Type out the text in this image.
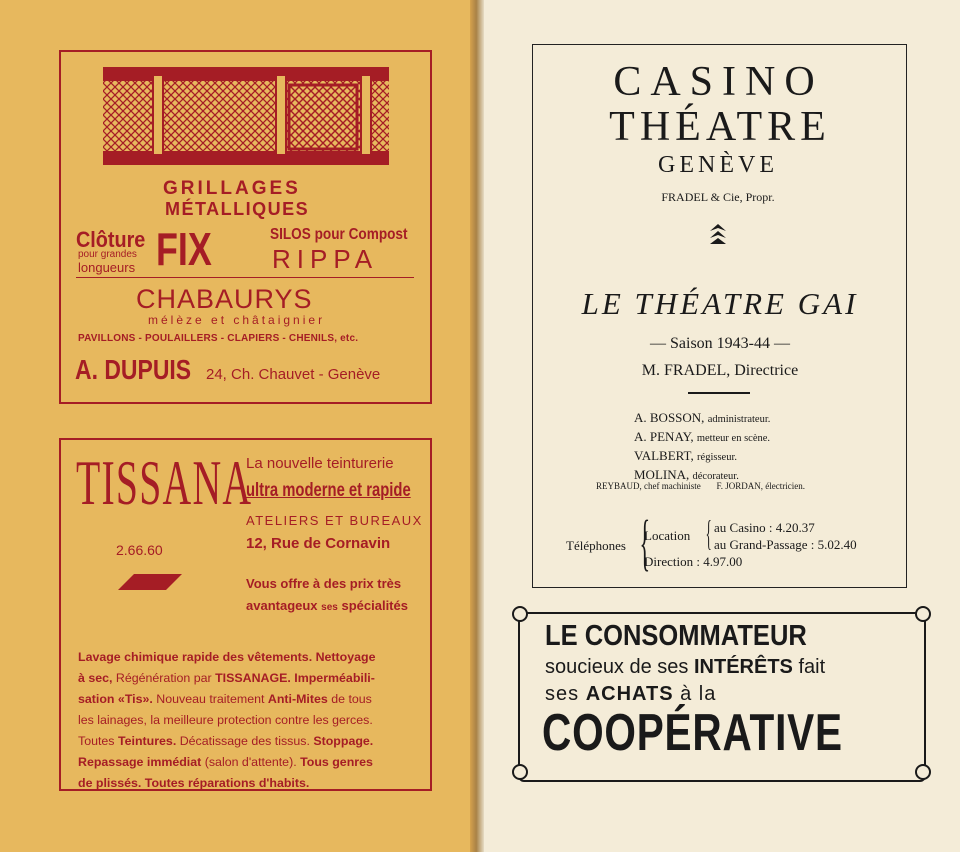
GRILLAGES

MÉTALLIQUES

Clôture

pour grandes

longueurs FIX	SILOS pour Compost

RIPPA

CHABAURYS

mélèze et châtaignier

PAVILLONS - POULAILLERS - CLAPIERS - CHENILS, etc.

A. DUPUIS 24, Ch. Chauvet - Genève

TISSANA

2.66.60

La nouvelle teinturerie

ultra moderne et rapide

ATELIERS ET BUREAUX

12, Rue de Cornavin

Vous offre à des prix très

avantageux ses spécialités

Lavage chimique rapide des vêtements. Nettoyage
à sec, Régénération par TISSANAGE. Imperméabili-
sation «Tis». Nouveau traitement Anti-Mites de tous
les lainages, la meilleure protection contre les gerces.
Toutes Teintures. Décatissage des tissus. Stoppage.
Repassage immédiat (salon d'attente). Tous genres
de plissés. Toutes réparations d'habits.

CASINO

THÉATRE

GENÈVE

FRADEL & Cie, Propr.

LE THÉATRE GAI

— Saison 1943-44 —

M. FRADEL, Directrice

A. BOSSON, administrateur.
A. PENAY, metteur en scène.
VALBERT, régisseur.
MOLINA, décorateur.

REYBAUD, chef machiniste       F. JORDAN, électricien.

Téléphones {

Location { au Casino : 4.20.37

au Grand-Passage : 5.02.40

Direction : 4.97.00

LE CONSOMMATEUR

soucieux de ses INTÉRÊTS fait

ses ACHATS à la

COOPÉRATIVE
